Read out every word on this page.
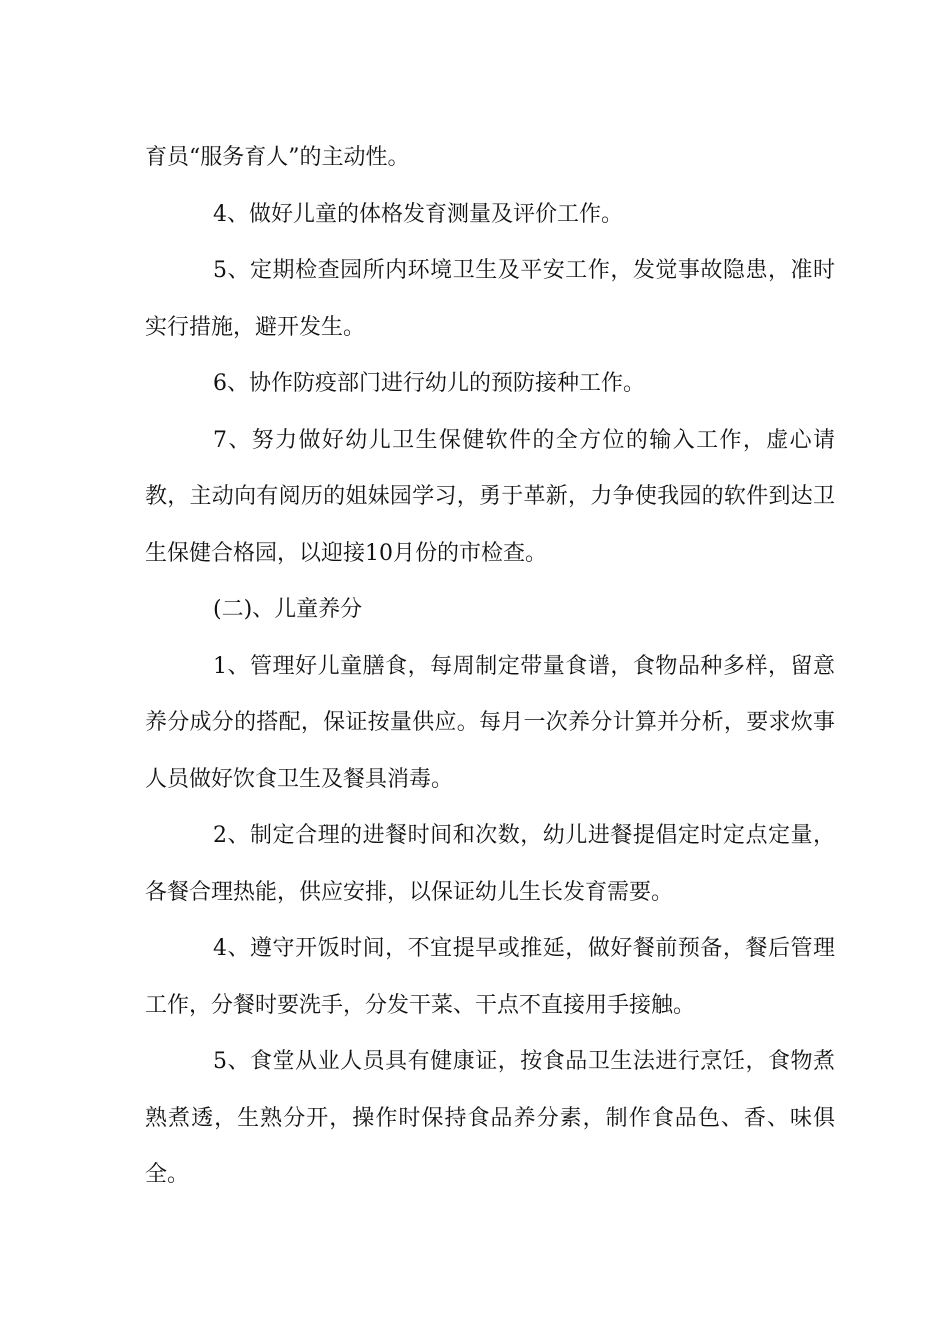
育员“服务育人”的主动性。

4、做好儿童的体格发育测量及评价工作。

5、定期检查园所内环境卫生及平安工作，发觉事故隐患，准时实行措施，避开发生。

6、协作防疫部门进行幼儿的预防接种工作。

7、努力做好幼儿卫生保健软件的全方位的输入工作，虚心请教，主动向有阅历的姐妹园学习，勇于革新，力争使我园的软件到达卫生保健合格园，以迎接10月份的市检查。

(二)、儿童养分

1、管理好儿童膳食，每周制定带量食谱，食物品种多样，留意养分成分的搭配，保证按量供应。每月一次养分计算并分析，要求炊事人员做好饮食卫生及餐具消毒。

2、制定合理的进餐时间和次数，幼儿进餐提倡定时定点定量，各餐合理热能，供应安排，以保证幼儿生长发育需要。

4、遵守开饭时间，不宜提早或推延，做好餐前预备，餐后管理工作，分餐时要洗手，分发干菜、干点不直接用手接触。

5、食堂从业人员具有健康证，按食品卫生法进行烹饪，食物煮熟煮透，生熟分开，操作时保持食品养分素，制作食品色、香、味俱全。
